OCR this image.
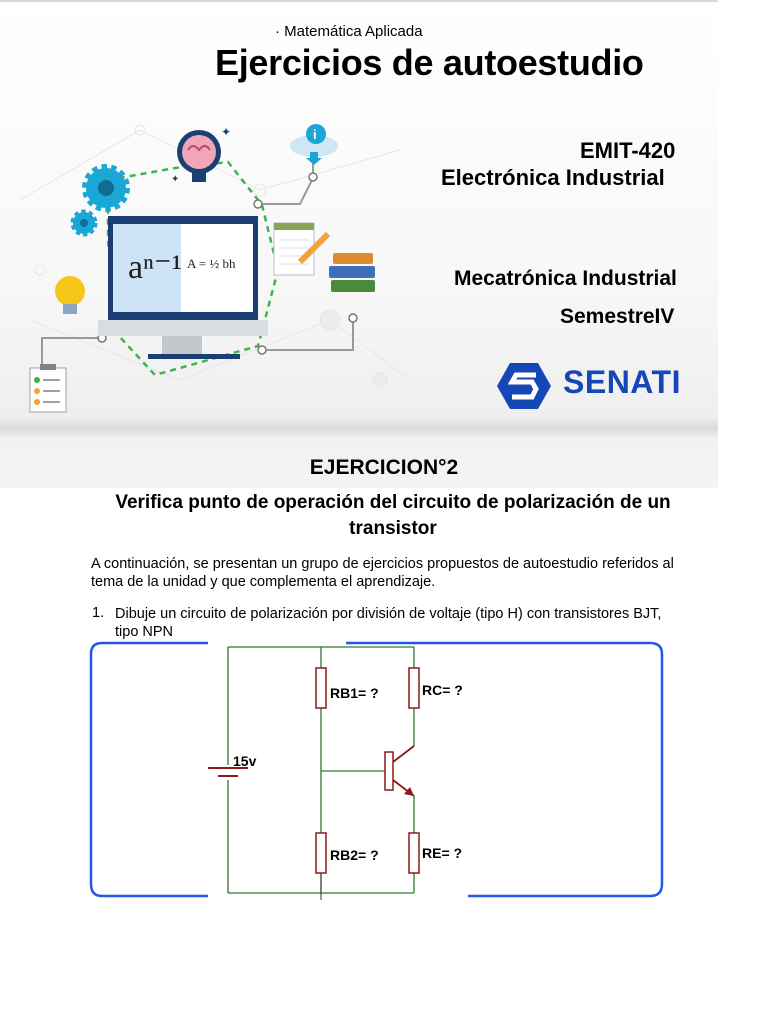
· Matemática Aplicada
Ejercicios de autoestudio
EMIT-420
Electrónica Industrial
Mecatrónica Industrial
SemestreIV
SENATI
aⁿ⁻¹ A = ½ bh
✦
✦
i
EJERCICION°2
Verifica punto de operación del circuito de polarización de un transistor
A continuación, se presentan un grupo de ejercicios propuestos de autoestudio referidos al tema de la unidad y que complementa el aprendizaje.
1. Dibuje un circuito de polarización por división de voltaje (tipo H) con transistores BJT, tipo NPN
15v
RB1= ?	RC= ?
RB2= ?	RE= ?
